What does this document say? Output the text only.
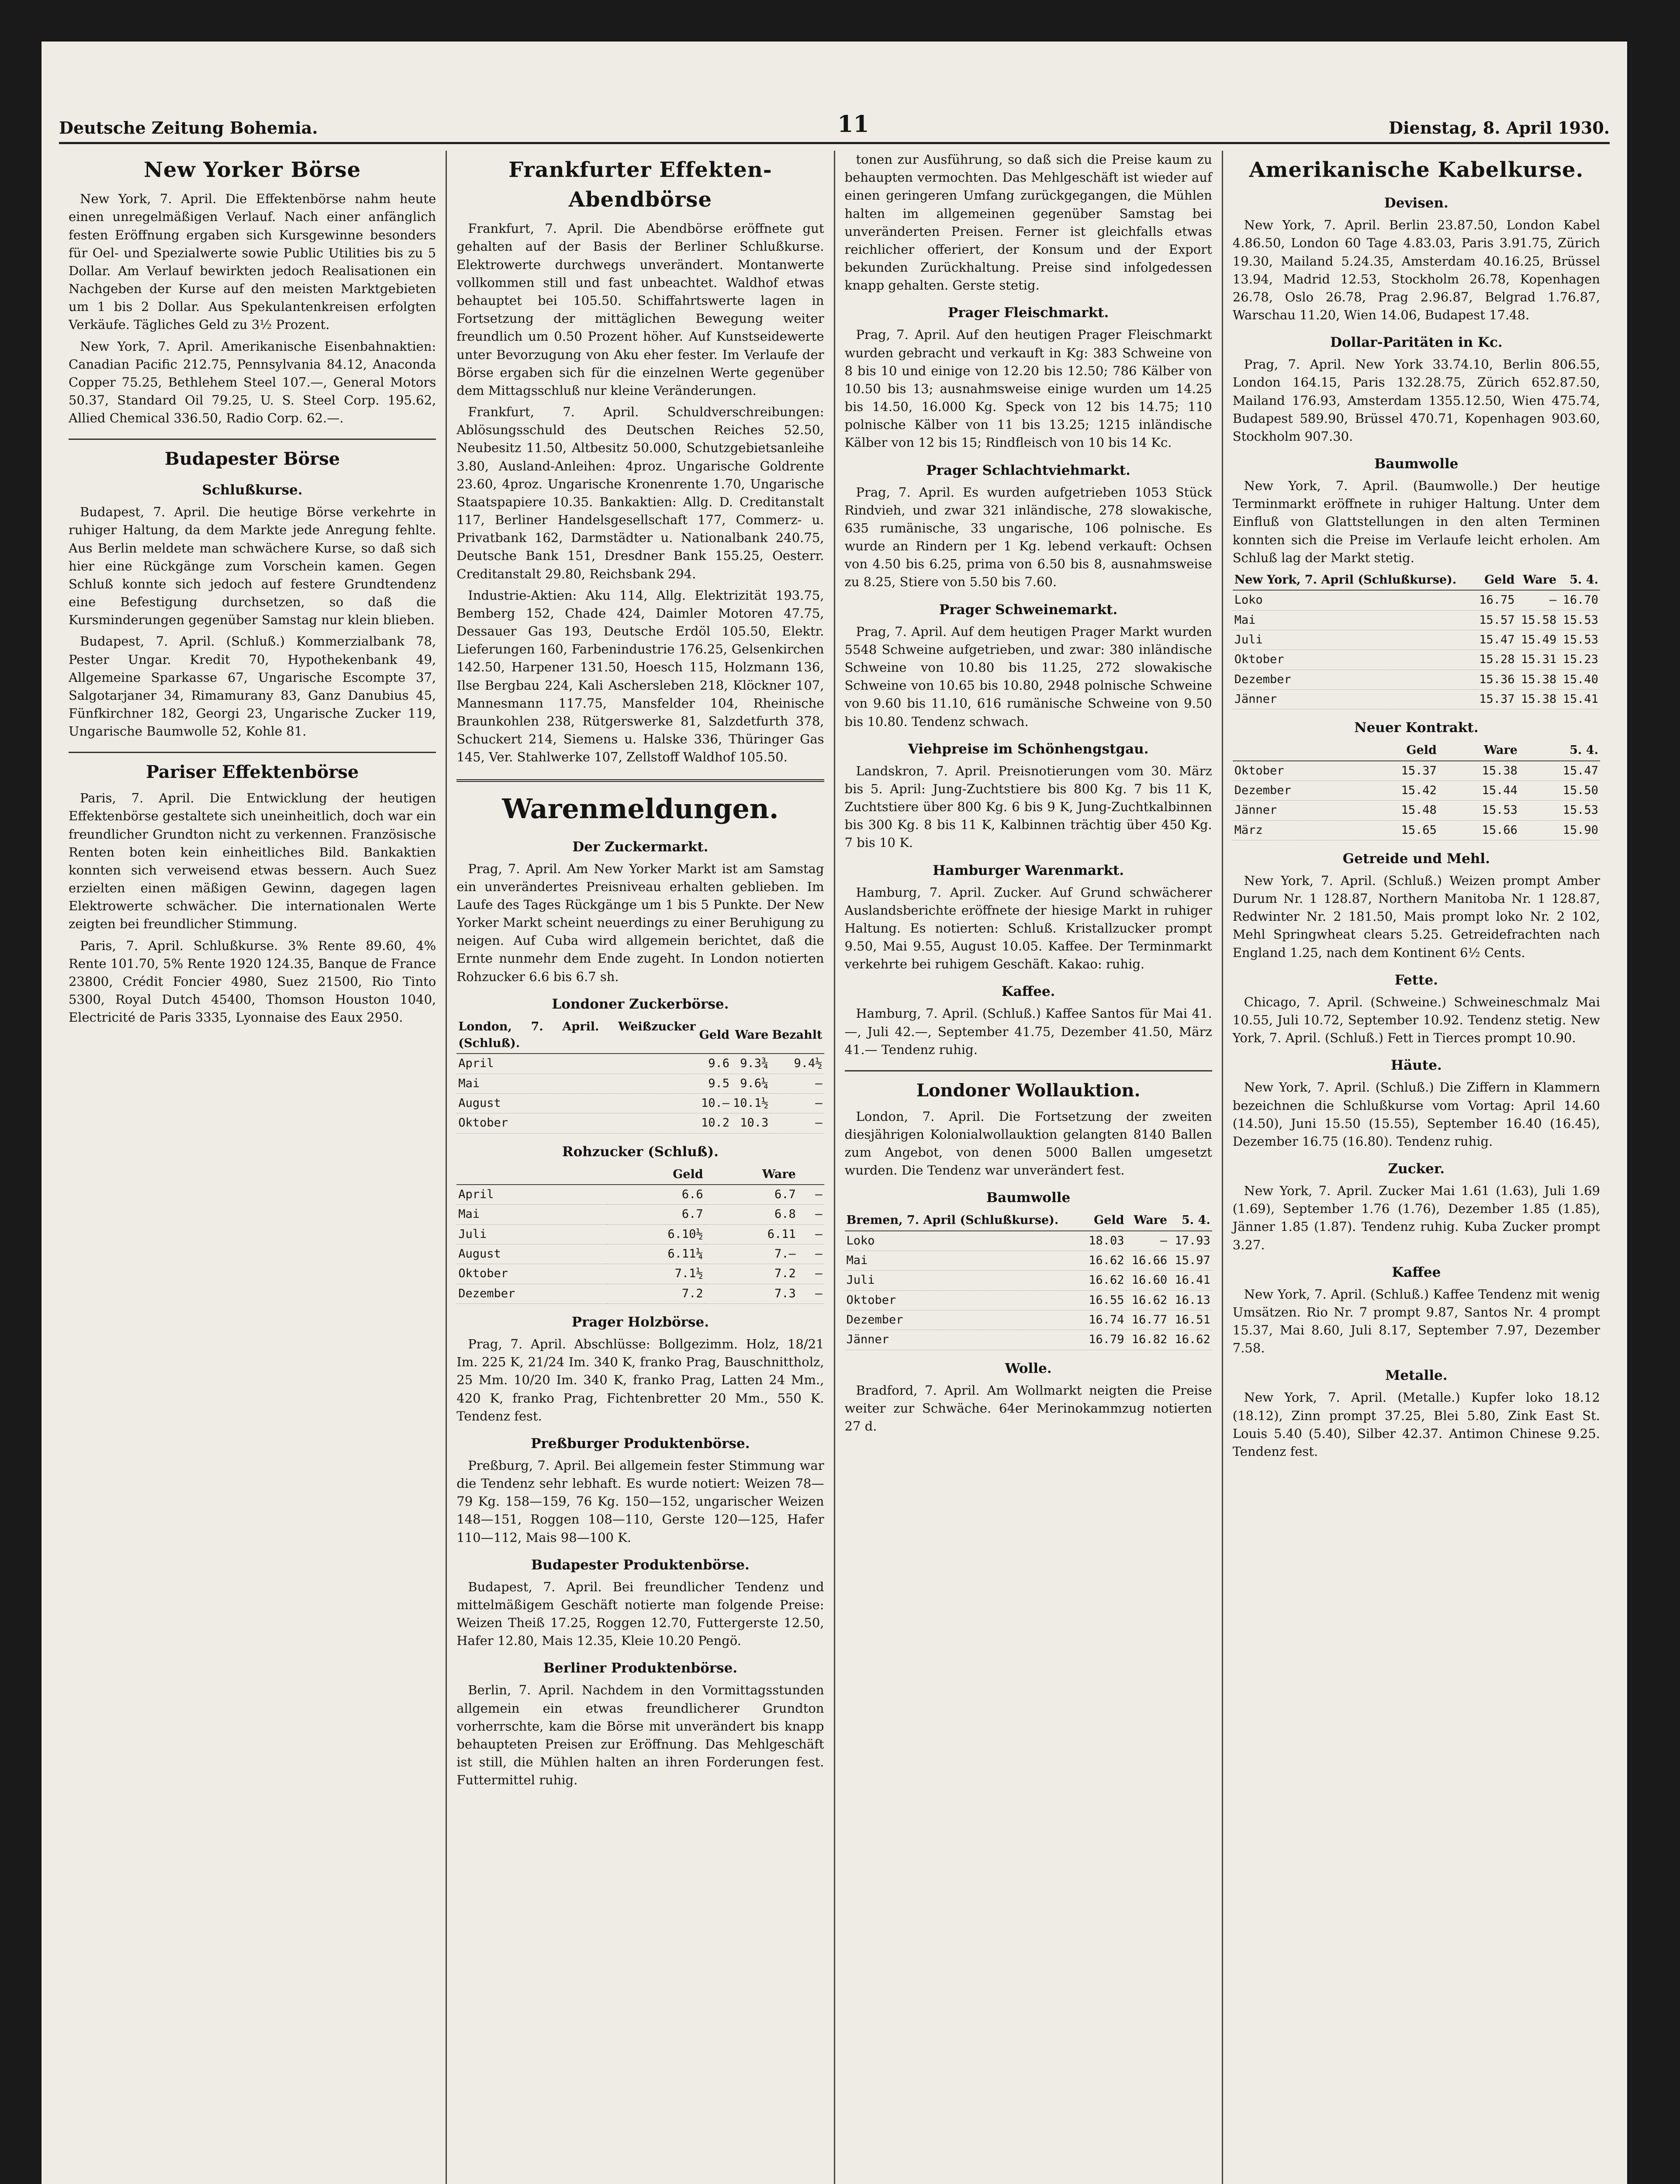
Deutsche Zeitung Bohemia.	11	Dienstag, 8. April 1930.
New Yorker Börse

New York, 7. April. Die Effektenbörse nahm heute einen unregelmäßigen Verlauf. Nach einer anfänglich festen Eröffnung ergaben sich Kursgewinne besonders für Oel- und Spezialwerte sowie Public Utilities bis zu 5 Dollar. Am Verlauf bewirkten jedoch Realisationen ein Nachgeben der Kurse auf den meisten Marktgebieten um 1 bis 2 Dollar. Aus Spekulantenkreisen erfolgten Verkäufe. Tägliches Geld zu 3½ Prozent.

New York, 7. April. Amerikanische Eisenbahnaktien: Canadian Pacific 212.75, Pennsylvania 84.12, Anaconda Copper 75.25, Bethlehem Steel 107.—, General Motors 50.37, Standard Oil 79.25, U. S. Steel Corp. 195.62, Allied Chemical 336.50, Radio Corp. 62.—.

Budapester Börse
Schlußkurse.

Budapest, 7. April. Die heutige Börse verkehrte in ruhiger Haltung, da dem Markte jede Anregung fehlte. Aus Berlin meldete man schwächere Kurse, so daß sich hier eine Rückgänge zum Vorschein kamen. Gegen Schluß konnte sich jedoch auf festere Grundtendenz eine Befestigung durchsetzen, so daß die Kursminderungen gegenüber Samstag nur klein blieben.

Budapest, 7. April. (Schluß.) Kommerzialbank 78, Pester Ungar. Kredit 70, Hypothekenbank 49, Allgemeine Sparkasse 67, Ungarische Escompte 37, Salgotarjaner 34, Rimamurany 83, Ganz Danubius 45, Fünfkirchner 182, Georgi 23, Ungarische Zucker 119, Ungarische Baumwolle 52, Kohle 81.

Pariser Effektenbörse

Paris, 7. April. Die Entwicklung der heutigen Effektenbörse gestaltete sich uneinheitlich, doch war ein freundlicher Grundton nicht zu verkennen. Französische Renten boten kein einheitliches Bild. Bankaktien konnten sich verweisend etwas bessern. Auch Suez erzielten einen mäßigen Gewinn, dagegen lagen Elektrowerte schwächer. Die internationalen Werte zeigten bei freundlicher Stimmung.

Paris, 7. April. Schlußkurse. 3% Rente 89.60, 4% Rente 101.70, 5% Rente 1920 124.35, Banque de France 23800, Crédit Foncier 4980, Suez 21500, Rio Tinto 5300, Royal Dutch 45400, Thomson Houston 1040, Electricité de Paris 3335, Lyonnaise des Eaux 2950.

Frankfurter Effekten-Abendbörse

Frankfurt, 7. April. Die Abendbörse eröffnete gut gehalten auf der Basis der Berliner Schlußkurse. Elektrowerte durchwegs unverändert. Montanwerte vollkommen still und fast unbeachtet. Waldhof etwas behauptet bei 105.50. Schiffahrtswerte lagen in Fortsetzung der mittäglichen Bewegung weiter freundlich um 0.50 Prozent höher. Auf Kunstseidewerte unter Bevorzugung von Aku eher fester. Im Verlaufe der Börse ergaben sich für die einzelnen Werte gegenüber dem Mittagsschluß nur kleine Veränderungen.

Frankfurt, 7. April. Schuldverschreibungen: Ablösungsschuld des Deutschen Reiches 52.50, Neubesitz 11.50, Altbesitz 50.000, Schutzgebietsanleihe 3.80, Ausland-Anleihen: 4proz. Ungarische Goldrente 23.60, 4proz. Ungarische Kronenrente 1.70, Ungarische Staatspapiere 10.35. Bankaktien: Allg. D. Creditanstalt 117, Berliner Handelsgesellschaft 177, Commerz- u. Privatbank 162, Darmstädter u. Nationalbank 240.75, Deutsche Bank 151, Dresdner Bank 155.25, Oesterr. Creditanstalt 29.80, Reichsbank 294.

Industrie-Aktien: Aku 114, Allg. Elektrizität 193.75, Bemberg 152, Chade 424, Daimler Motoren 47.75, Dessauer Gas 193, Deutsche Erdöl 105.50, Elektr. Lieferungen 160, Farbenindustrie 176.25, Gelsenkirchen 142.50, Harpener 131.50, Hoesch 115, Holzmann 136, Ilse Bergbau 224, Kali Aschersleben 218, Klöckner 107, Mannesmann 117.75, Mansfelder 104, Rheinische Braunkohlen 238, Rütgerswerke 81, Salzdetfurth 378, Schuckert 214, Siemens u. Halske 336, Thüringer Gas 145, Ver. Stahlwerke 107, Zellstoff Waldhof 105.50.

Warenmeldungen.
Der Zuckermarkt.

Prag, 7. April. Am New Yorker Markt ist am Samstag ein unverändertes Preisniveau erhalten geblieben. Im Laufe des Tages Rückgänge um 1 bis 5 Punkte. Der New Yorker Markt scheint neuerdings zu einer Beruhigung zu neigen. Auf Cuba wird allgemein berichtet, daß die Ernte nunmehr dem Ende zugeht. In London notierten Rohzucker 6.6 bis 6.7 sh.

Londoner Zuckerbörse.
London, 7. April. Weißzucker (Schluß).	Geld	Ware	Bezahlt
April	9.6	9.3¾	9.4½
Mai	9.5	9.6¼	—
August	10.—	10.1½	—
Oktober	10.2	10.3	—
Rohzucker (Schluß).
	Geld	Ware	
April	6.6	6.7	—
Mai	6.7	6.8	—
Juli	6.10½	6.11	—
August	6.11¼	7.—	—
Oktober	7.1½	7.2	—
Dezember	7.2	7.3	—
Prager Holzbörse.

Prag, 7. April. Abschlüsse: Bollgezimm. Holz, 18/21 Im. 225 K, 21/24 Im. 340 K, franko Prag, Bauschnittholz, 25 Mm. 10/20 Im. 340 K, franko Prag, Latten 24 Mm., 420 K, franko Prag, Fichtenbretter 20 Mm., 550 K. Tendenz fest.

Preßburger Produktenbörse.

Preßburg, 7. April. Bei allgemein fester Stimmung war die Tendenz sehr lebhaft. Es wurde notiert: Weizen 78—79 Kg. 158—159, 76 Kg. 150—152, ungarischer Weizen 148—151, Roggen 108—110, Gerste 120—125, Hafer 110—112, Mais 98—100 K.

Budapester Produktenbörse.

Budapest, 7. April. Bei freundlicher Tendenz und mittelmäßigem Geschäft notierte man folgende Preise: Weizen Theiß 17.25, Roggen 12.70, Futtergerste 12.50, Hafer 12.80, Mais 12.35, Kleie 10.20 Pengö.

Berliner Produktenbörse.

Berlin, 7. April. Nachdem in den Vormittagsstunden allgemein ein etwas freundlicherer Grundton vorherrschte, kam die Börse mit unverändert bis knapp behaupteten Preisen zur Eröffnung. Das Mehlgeschäft ist still, die Mühlen halten an ihren Forderungen fest. Futtermittel ruhig.

tonen zur Ausführung, so daß sich die Preise kaum zu behaupten vermochten. Das Mehlgeschäft ist wieder auf einen geringeren Umfang zurückgegangen, die Mühlen halten im allgemeinen gegenüber Samstag bei unveränderten Preisen. Ferner ist gleichfalls etwas reichlicher offeriert, der Konsum und der Export bekunden Zurückhaltung. Preise sind infolgedessen knapp gehalten. Gerste stetig.

Prager Fleischmarkt.

Prag, 7. April. Auf den heutigen Prager Fleischmarkt wurden gebracht und verkauft in Kg: 383 Schweine von 8 bis 10 und einige von 12.20 bis 12.50; 786 Kälber von 10.50 bis 13; ausnahmsweise einige wurden um 14.25 bis 14.50, 16.000 Kg. Speck von 12 bis 14.75; 110 polnische Kälber von 11 bis 13.25; 1215 inländische Kälber von 12 bis 15; Rindfleisch von 10 bis 14 Kc.

Prager Schlachtviehmarkt.

Prag, 7. April. Es wurden aufgetrieben 1053 Stück Rindvieh, und zwar 321 inländische, 278 slowakische, 635 rumänische, 33 ungarische, 106 polnische. Es wurde an Rindern per 1 Kg. lebend verkauft: Ochsen von 4.50 bis 6.25, prima von 6.50 bis 8, ausnahmsweise zu 8.25, Stiere von 5.50 bis 7.60.

Prager Schweinemarkt.

Prag, 7. April. Auf dem heutigen Prager Markt wurden 5548 Schweine aufgetrieben, und zwar: 380 inländische Schweine von 10.80 bis 11.25, 272 slowakische Schweine von 10.65 bis 10.80, 2948 polnische Schweine von 9.60 bis 11.10, 616 rumänische Schweine von 9.50 bis 10.80. Tendenz schwach.

Viehpreise im Schönhengstgau.

Landskron, 7. April. Preisnotierungen vom 30. März bis 5. April: Jung-Zuchtstiere bis 800 Kg. 7 bis 11 K, Zuchtstiere über 800 Kg. 6 bis 9 K, Jung-Zuchtkalbinnen bis 300 Kg. 8 bis 11 K, Kalbinnen trächtig über 450 Kg. 7 bis 10 K.

Hamburger Warenmarkt.

Hamburg, 7. April. Zucker. Auf Grund schwächerer Auslandsberichte eröffnete der hiesige Markt in ruhiger Haltung. Es notierten: Schluß. Kristallzucker prompt 9.50, Mai 9.55, August 10.05. Kaffee. Der Terminmarkt verkehrte bei ruhigem Geschäft. Kakao: ruhig.

Kaffee.

Hamburg, 7. April. (Schluß.) Kaffee Santos für Mai 41.—, Juli 42.—, September 41.75, Dezember 41.50, März 41.— Tendenz ruhig.

Londoner Wollauktion.

London, 7. April. Die Fortsetzung der zweiten diesjährigen Kolonialwollauktion gelangten 8140 Ballen zum Angebot, von denen 5000 Ballen umgesetzt wurden. Die Tendenz war unverändert fest.

Baumwolle
Bremen, 7. April (Schlußkurse).	Geld	Ware	5. 4.
Loko	18.03	—	17.93
Mai	16.62	16.66	15.97
Juli	16.62	16.60	16.41
Oktober	16.55	16.62	16.13
Dezember	16.74	16.77	16.51
Jänner	16.79	16.82	16.62
Wolle.

Bradford, 7. April. Am Wollmarkt neigten die Preise weiter zur Schwäche. 64er Merinokammzug notierten 27 d.

Amerikanische Kabelkurse.
Devisen.

New York, 7. April. Berlin 23.87.50, London Kabel 4.86.50, London 60 Tage 4.83.03, Paris 3.91.75, Zürich 19.30, Mailand 5.24.35, Amsterdam 40.16.25, Brüssel 13.94, Madrid 12.53, Stockholm 26.78, Kopenhagen 26.78, Oslo 26.78, Prag 2.96.87, Belgrad 1.76.87, Warschau 11.20, Wien 14.06, Budapest 17.48.

Dollar-Paritäten in Kc.

Prag, 7. April. New York 33.74.10, Berlin 806.55, London 164.15, Paris 132.28.75, Zürich 652.87.50, Mailand 176.93, Amsterdam 1355.12.50, Wien 475.74, Budapest 589.90, Brüssel 470.71, Kopenhagen 903.60, Stockholm 907.30.

Baumwolle

New York, 7. April. (Baumwolle.) Der heutige Terminmarkt eröffnete in ruhiger Haltung. Unter dem Einfluß von Glattstellungen in den alten Terminen konnten sich die Preise im Verlaufe leicht erholen. Am Schluß lag der Markt stetig.

New York, 7. April (Schlußkurse).	Geld	Ware	5. 4.
Loko	16.75	—	16.70
Mai	15.57	15.58	15.53
Juli	15.47	15.49	15.53
Oktober	15.28	15.31	15.23
Dezember	15.36	15.38	15.40
Jänner	15.37	15.38	15.41
Neuer Kontrakt.
	Geld	Ware	5. 4.
Oktober	15.37	15.38	15.47
Dezember	15.42	15.44	15.50
Jänner	15.48	15.53	15.53
März	15.65	15.66	15.90
Getreide und Mehl.

New York, 7. April. (Schluß.) Weizen prompt Amber Durum Nr. 1 128.87, Northern Manitoba Nr. 1 128.87, Redwinter Nr. 2 181.50, Mais prompt loko Nr. 2 102, Mehl Springwheat clears 5.25. Getreidefrachten nach England 1.25, nach dem Kontinent 6½ Cents.

Fette.

Chicago, 7. April. (Schweine.) Schweineschmalz Mai 10.55, Juli 10.72, September 10.92. Tendenz stetig. New York, 7. April. (Schluß.) Fett in Tierces prompt 10.90.

Häute.

New York, 7. April. (Schluß.) Die Ziffern in Klammern bezeichnen die Schlußkurse vom Vortag: April 14.60 (14.50), Juni 15.50 (15.55), September 16.40 (16.45), Dezember 16.75 (16.80). Tendenz ruhig.

Zucker.

New York, 7. April. Zucker Mai 1.61 (1.63), Juli 1.69 (1.69), September 1.76 (1.76), Dezember 1.85 (1.85), Jänner 1.85 (1.87). Tendenz ruhig. Kuba Zucker prompt 3.27.

Kaffee

New York, 7. April. (Schluß.) Kaffee Tendenz mit wenig Umsätzen. Rio Nr. 7 prompt 9.87, Santos Nr. 4 prompt 15.37, Mai 8.60, Juli 8.17, September 7.97, Dezember 7.58.

Metalle.

New York, 7. April. (Metalle.) Kupfer loko 18.12 (18.12), Zinn prompt 37.25, Blei 5.80, Zink East St. Louis 5.40 (5.40), Silber 42.37. Antimon Chinese 9.25. Tendenz fest.
